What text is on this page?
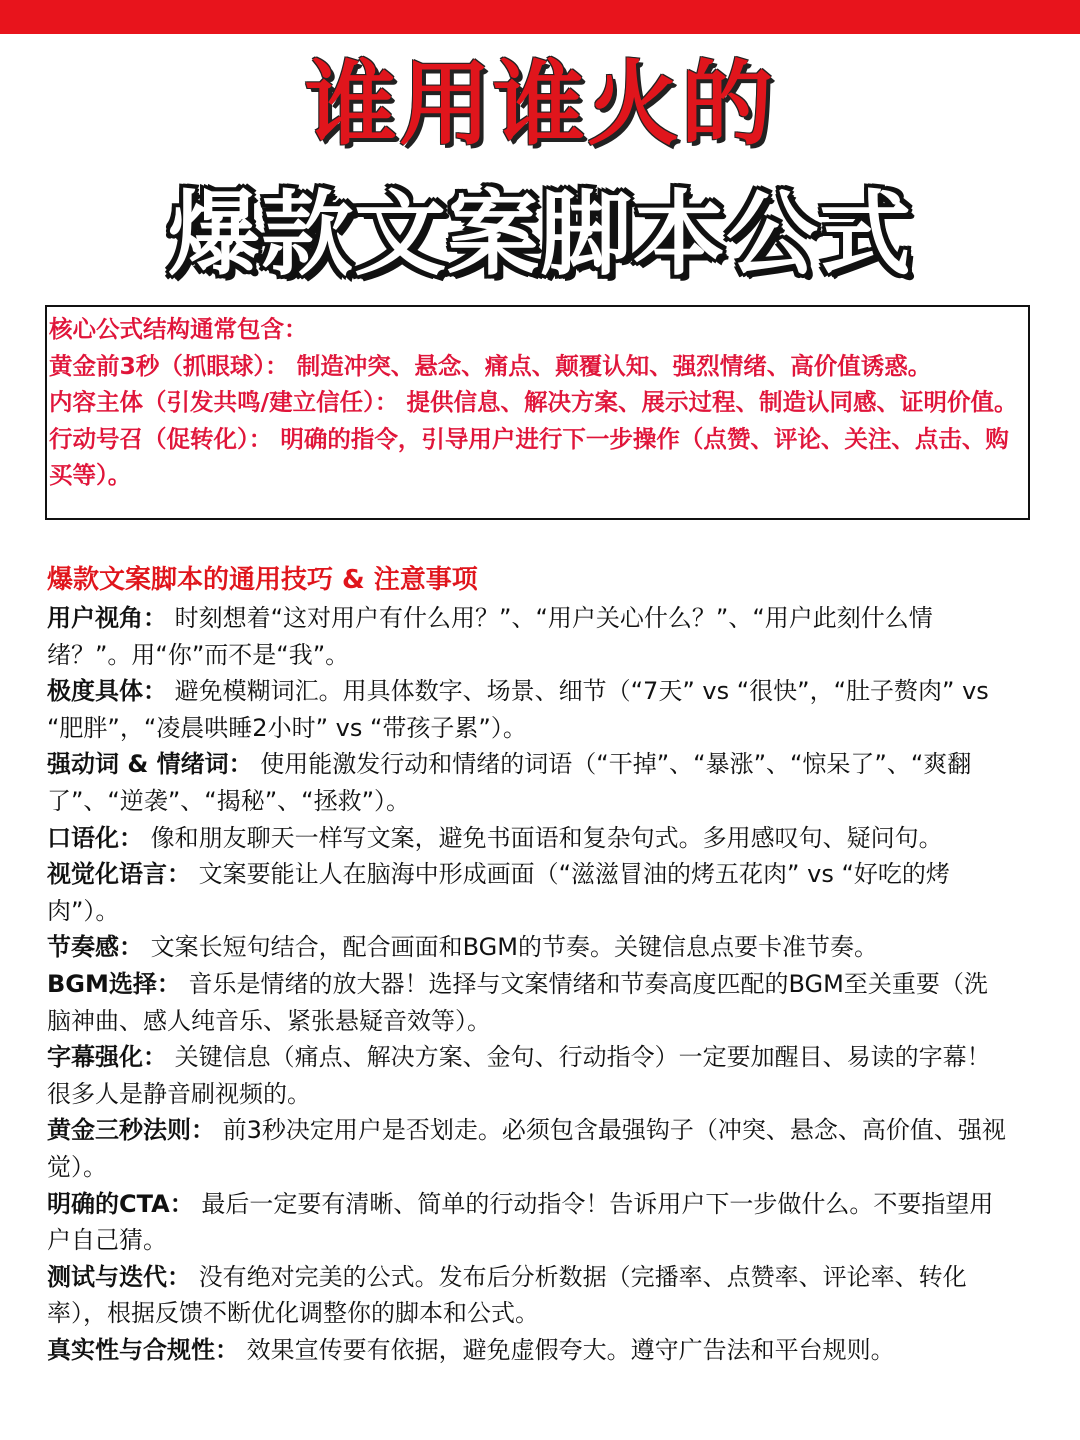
谁用谁火的
爆款文案脚本公式
核心公式结构通常包含：
黄金前3秒（抓眼球）： 制造冲突、悬念、痛点、颠覆认知、强烈情绪、高价值诱惑。
内容主体（引发共鸣/建立信任）： 提供信息、解决方案、展示过程、制造认同感、证明价值。
行动号召（促转化）： 明确的指令，引导用户进行下一步操作（点赞、评论、关注、点击、购买等）。
爆款文案脚本的通用技巧 & 注意事项
用户视角： 时刻想着“这对用户有什么用？”、“用户关心什么？”、“用户此刻什么情绪？”。用“你”而不是“我”。
极度具体： 避免模糊词汇。用具体数字、场景、细节（“7天” vs “很快”，“肚子赘肉” vs “肥胖”，“凌晨哄睡2小时” vs “带孩子累”）。
强动词 & 情绪词： 使用能激发行动和情绪的词语（“干掉”、“暴涨”、“惊呆了”、“爽翻了”、“逆袭”、“揭秘”、“拯救”）。
口语化： 像和朋友聊天一样写文案，避免书面语和复杂句式。多用感叹句、疑问句。
视觉化语言： 文案要能让人在脑海中形成画面（“滋滋冒油的烤五花肉” vs “好吃的烤肉”）。
节奏感： 文案长短句结合，配合画面和BGM的节奏。关键信息点要卡准节奏。
BGM选择： 音乐是情绪的放大器！选择与文案情绪和节奏高度匹配的BGM至关重要（洗脑神曲、感人纯音乐、紧张悬疑音效等）。
字幕强化： 关键信息（痛点、解决方案、金句、行动指令）一定要加醒目、易读的字幕！很多人是静音刷视频的。
黄金三秒法则： 前3秒决定用户是否划走。必须包含最强钩子（冲突、悬念、高价值、强视觉）。
明确的CTA： 最后一定要有清晰、简单的行动指令！告诉用户下一步做什么。不要指望用户自己猜。
测试与迭代： 没有绝对完美的公式。发布后分析数据（完播率、点赞率、评论率、转化率），根据反馈不断优化调整你的脚本和公式。
真实性与合规性： 效果宣传要有依据，避免虚假夸大。遵守广告法和平台规则。
